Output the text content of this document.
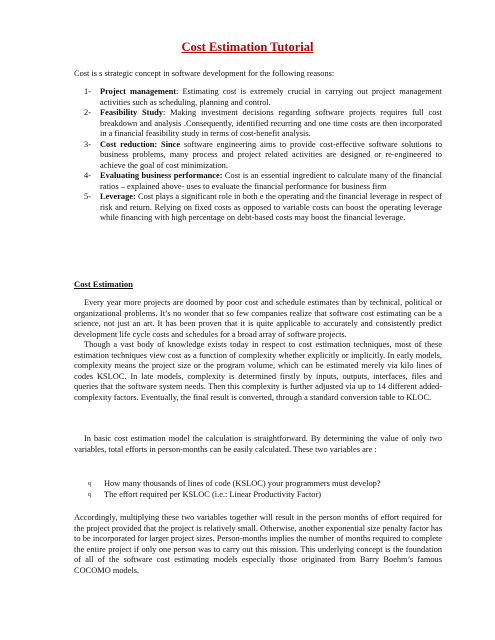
Cost Estimation Tutorial
Cost is s strategic concept in software development for the following reasons:
1- Project management: Estimating cost is extremely crucial in carrying out project management activities such as scheduling, planning and control.
2- Feasibility Study: Making investment decisions regarding software projects requires full cost breakdown and analysis .Consequently, identified recurring and one time costs are then incorporated in a financial feasibility study in terms of cost-benefit analysis.
3- Cost reduction: Since software engineering aims to provide cost-effective software solutions to business problems, many process and project related activities are designed or re-engineered to achieve the goal of cost minimization.
4- Evaluating business performance: Cost is an essential ingredient to calculate many of the financial ratios – explained above- uses to evaluate the financial performance for business firm
5- Leverage: Cost plays a significant role in both e the operating and the financial leverage in respect of risk and return. Relying on fixed costs as opposed to variable costs can boost the operating leverage while financing with high percentage on debt-based costs may boost the financial leverage.
Cost Estimation
Every year more projects are doomed by poor cost and schedule estimates than by technical, political or organizational problems. It’s no wonder that so few companies realize that software cost estimating can be a science, not just an art. It has been proven that it is quite applicable to accurately and consistently predict development life cycle costs and schedules for a broad array of software projects.
Though a vast body of knowledge exists today in respect to cost estimation techniques, most of these estimation techniques view cost as a function of complexity whether explicitly or implicitly. In early models, complexity means the project size or the program volume, which can be estimated merely via kilo lines of codes KSLOC. In late models, complexity is determined firstly by inputs, outputs, interfaces, files and queries that the software system needs. Then this complexity is further adjusted via up to 14 different added-complexity factors. Eventually, the final result is converted, through a standard conversion table to KLOC.
In basic cost estimation model the calculation is straightforward. By determining the value of only two variables, total efforts in person-months can be easily calculated. These two variables are :
q How many thousands of lines of code (KSLOC) your programmers must develop?
q The effort required per KSLOC (i.e.: Linear Productivity Factor)
Accordingly, multiplying these two variables together will result in the person months of effort required for the project provided that the project is relatively small. Otherwise, another exponential size penalty factor has to be incorporated for larger project sizes. Person-months implies the number of months required to complete the entire project if only one person was to carry out this mission. This underlying concept is the foundation of all of the software cost estimating models especially those originated from Barry Boehm’s famous COCOMO models.
